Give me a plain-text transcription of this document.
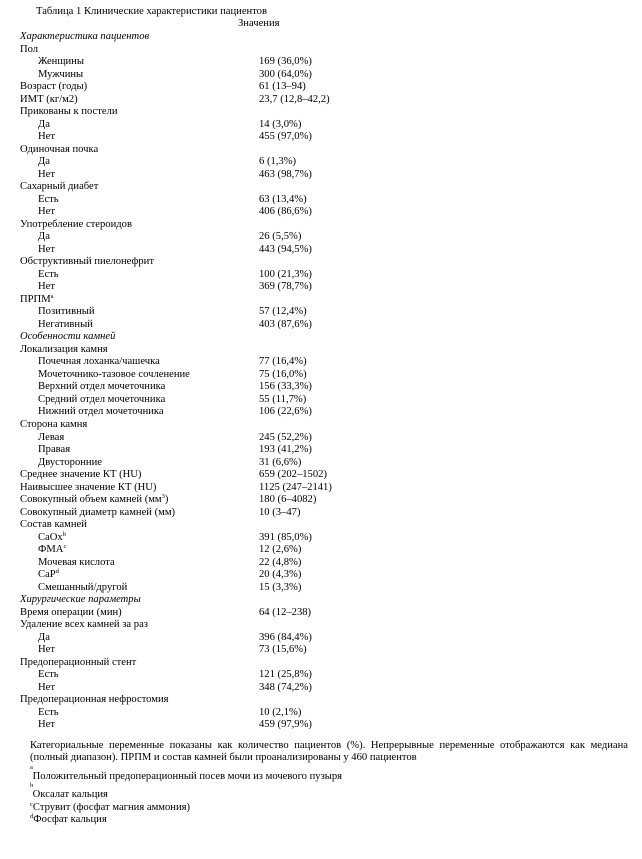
Таблица 1 Клинические характеристики пациентов
Значения
Характеристика пациентов
Пол
Женщины	169 (36,0%)
Мужчины	300 (64,0%)
Возраст (годы)	61 (13–94)
ИМТ (кг/м2)	23,7 (12,8–42,2)
Прикованы к постели
Да	14 (3,0%)
Нет	455 (97,0%)
Одиночная почка
Да	6 (1,3%)
Нет	463 (98,7%)
Сахарный диабет
Есть	63 (13,4%)
Нет	406 (86,6%)
Употребление стероидов
Да	26 (5,5%)
Нет	443 (94,5%)
Обструктивный пиелонефрит
Есть	100 (21,3%)
Нет	369 (78,7%)
ПРПМ$^a$
Позитивный	57 (12,4%)
Негативный	403 (87,6%)
Особенности камней
Локализация камня
Почечная лоханка/чашечка	77 (16,4%)
Мочеточнико-тазовое сочленение	75 (16,0%)
Верхний отдел мочеточника	156 (33,3%)
Средний отдел мочеточника	55 (11,7%)
Нижний отдел мочеточника	106 (22,6%)
Сторона камня
Левая	245 (52,2%)
Правая	193 (41,2%)
Двусторонние	31 (6,6%)
Среднее значение КТ (HU)	659 (202–1502)
Наивысшее значение КТ (HU)	1125 (247–2141)
Совокупный объем камней $(мм^3)$	180 (6–4082)
Совокупный диаметр камней (мм)	10 (3–47)
Состав камней
CaOx$^b$	391 (85,0%)
ФМА$^c$	12 (2,6%)
Мочевая кислота	22 (4,8%)
CaP$^d$	20 (4,3%)
Смешанный/другой	15 (3,3%)
Хирургические параметры
Время операции (мин)	64 (12–238)
Удаление всех камней за раз
Да	396 (84,4%)
Нет	73 (15,6%)
Предоперационный стент
Есть	121 (25,8%)
Нет	348 (74,2%)
Предоперационная нефростомия
Есть	10 (2,1%)
Нет	459 (97,9%)
Категориальные переменные показаны как количество пациентов (%). Непрерывные переменные отображаются как медиана (полный диапазон). ПРПМ и состав камней были проанализированы у 460 пациентов
a
Положительный предоперационный посев мочи из мочевого пузыря
b
Оксалат кальция
$^c$Струвит (фосфат магния аммония)
$^d$Фосфат кальция
